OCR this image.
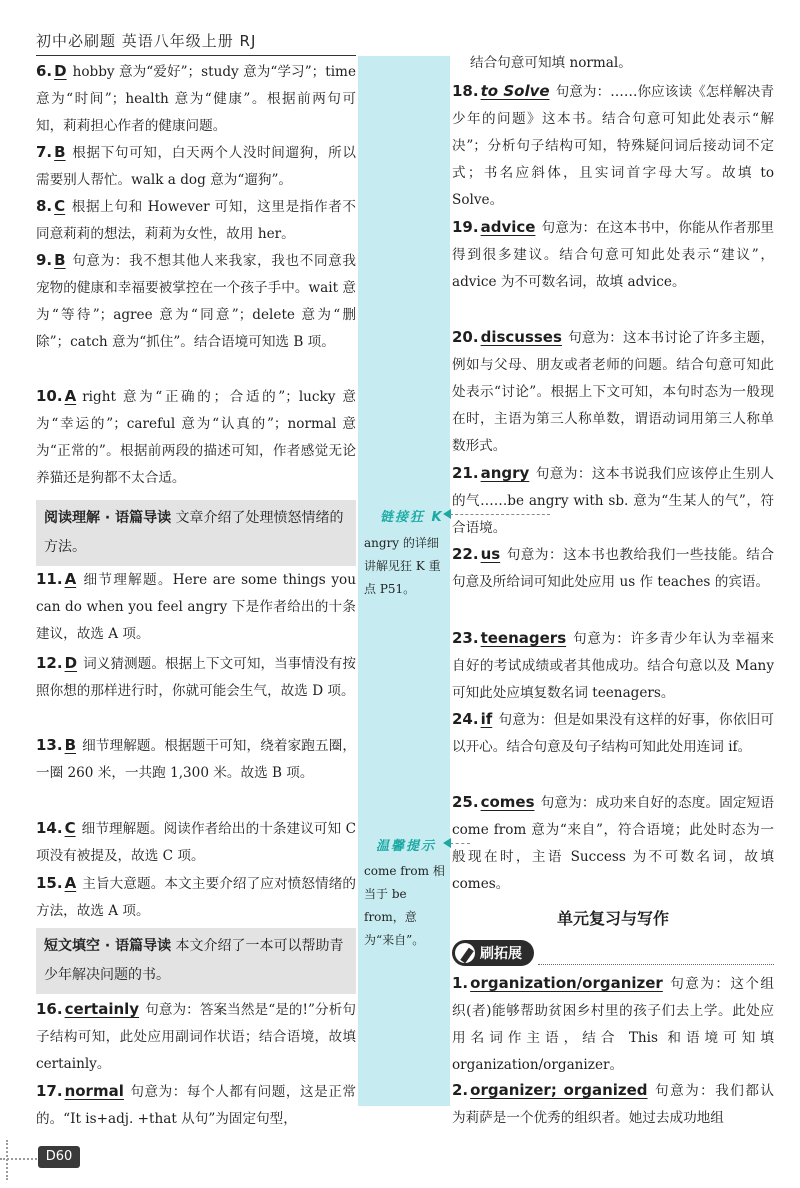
初中必刷题 英语八年级上册 RJ
6. D hobby 意为“爱好”；study 意为“学习”；time 意为“时间”；health 意为“健康”。根据前两句可知，莉莉担心作者的健康问题。
7. B 根据下句可知，白天两个人没时间遛狗，所以需要别人帮忙。walk a dog 意为“遛狗”。
8. C 根据上句和 However 可知，这里是指作者不同意莉莉的想法，莉莉为女性，故用 her。
9. B 句意为：我不想其他人来我家，我也不同意我宠物的健康和幸福要被掌控在一个孩子手中。wait 意为“等待”；agree 意为“同意”；delete 意为“删除”；catch 意为“抓住”。结合语境可知选 B 项。
10. A right 意为“正确的；合适的”；lucky 意为“幸运的”；careful 意为“认真的”；normal 意为“正常的”。根据前两段的描述可知，作者感觉无论养猫还是狗都不太合适。
阅读理解 · 语篇导读 文章介绍了处理愤怒情绪的方法。
11. A 细节理解题。Here are some things you can do when you feel angry 下是作者给出的十条建议，故选 A 项。
12. D 词义猜测题。根据上下文可知，当事情没有按照你想的那样进行时，你就可能会生气，故选 D 项。
13. B 细节理解题。根据题干可知，绕着家跑五圈，一圈 260 米，一共跑 1,300 米。故选 B 项。
14. C 细节理解题。阅读作者给出的十条建议可知 C 项没有被提及，故选 C 项。
15. A 主旨大意题。本文主要介绍了应对愤怒情绪的方法，故选 A 项。
短文填空 · 语篇导读 本文介绍了一本可以帮助青少年解决问题的书。
16. certainly 句意为：答案当然是“是的!”分析句子结构可知，此处应用副词作状语；结合语境，故填 certainly。
17. normal 句意为：每个人都有问题，这是正常的。“It is+adj. +that 从句”为固定句型，
链接狂 K
angry 的详细讲解见狂 K 重点 P51。
温馨提示
come from 相当于 be from，意为“来自”。
结合句意可知填 normal。
18. to Solve 句意为：……你应该读《怎样解决青少年的问题》这本书。结合句意可知此处表示“解决”；分析句子结构可知，特殊疑问词后接动词不定式；书名应斜体，且实词首字母大写。故填 to Solve。
19. advice 句意为：在这本书中，你能从作者那里得到很多建议。结合句意可知此处表示“建议”，advice 为不可数名词，故填 advice。
20. discusses 句意为：这本书讨论了许多主题，例如与父母、朋友或者老师的问题。结合句意可知此处表示“讨论”。根据上下文可知，本句时态为一般现在时，主语为第三人称单数，谓语动词用第三人称单数形式。
21. angry 句意为：这本书说我们应该停止生别人的气……be angry with sb. 意为“生某人的气”，符合语境。
22. us 句意为：这本书也教给我们一些技能。结合句意及所给词可知此处应用 us 作 teaches 的宾语。
23. teenagers 句意为：许多青少年认为幸福来自好的考试成绩或者其他成功。结合句意以及 Many 可知此处应填复数名词 teenagers。
24. if 句意为：但是如果没有这样的好事，你依旧可以开心。结合句意及句子结构可知此处用连词 if。
25. comes 句意为：成功来自好的态度。固定短语 come from 意为“来自”，符合语境；此处时态为一般现在时，主语 Success 为不可数名词，故填 comes。
单元复习与写作
刷拓展
1. organization/organizer 句意为：这个组织(者)能够帮助贫困乡村里的孩子们去上学。此处应用名词作主语，结合 This 和语境可知填 organization/organizer。
2. organizer; organized 句意为：我们都认为莉萨是一个优秀的组织者。她过去成功地组
D60
